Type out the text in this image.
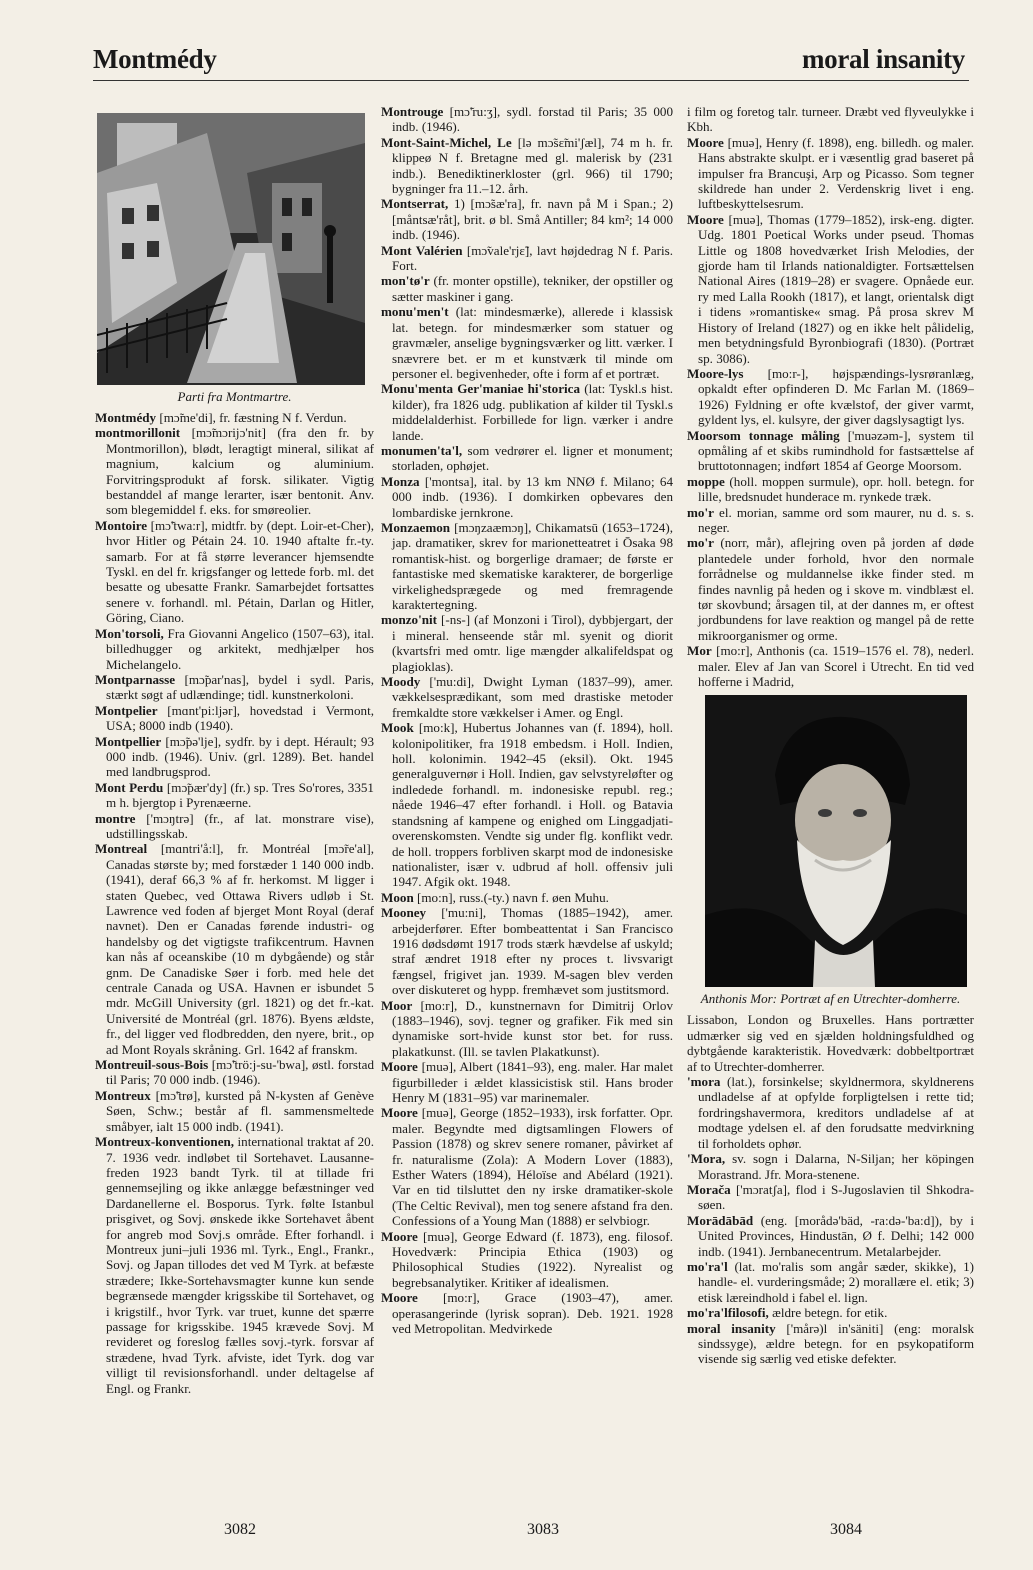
Montmédy	moral insanity
Parti fra Montmartre.
Montmédy [mɔ̃me'di], fr. fæstning N f. Verdun.
montmorillonit [mɔ̃mɔrijɔ'nit] (fra den fr. by Montmorillon), blødt, leragtigt mineral, silikat af magnium, kalcium og aluminium. Forvitringsprodukt af forsk. silikater. Vigtig bestanddel af mange lerarter, især bentonit. Anv. som blegemiddel f. eks. for smøreolier.
Montoire [mɔ̃'twa:r], midtfr. by (dept. Loir-et-Cher), hvor Hitler og Pétain 24. 10. 1940 aftalte fr.-ty. samarb. For at få større leverancer hjemsendte Tyskl. en del fr. krigsfanger og lettede forb. ml. det besatte og ubesatte Frankr. Samarbejdet fortsattes senere v. forhandl. ml. Pétain, Darlan og Hitler, Göring, Ciano.
Mon'torsoli, Fra Giovanni Angelico (1507–63), ital. billedhugger og arkitekt, medhjælper hos Michelangelo.
Montparnasse [mɔ̃par'nas], bydel i sydl. Paris, stærkt søgt af udlændinge; tidl. kunstnerkoloni.
Montpelier [mɑnt'pi:ljər], hovedstad i Vermont, USA; 8000 indb (1940).
Montpellier [mɔ̃pə'lje], sydfr. by i dept. Hérault; 93 000 indb. (1946). Univ. (grl. 1289). Bet. handel med landbrugsprod.
Mont Perdu [mɔ̃pær'dy] (fr.) sp. Tres So'rores, 3351 m h. bjergtop i Pyrenæerne.
montre ['mɔŋtrə] (fr., af lat. monstrare vise), udstillingsskab.
Montreal [mɑntri'å:l], fr. Montréal [mɔ̃re'al], Canadas største by; med forstæder 1 140 000 indb. (1941), deraf 66,3 % af fr. herkomst. M ligger i staten Quebec, ved Ottawa Rivers udløb i St. Lawrence ved foden af bjerget Mont Royal (deraf navnet). Den er Canadas førende industri- og handelsby og det vigtigste trafikcentrum. Havnen kan nås af oceanskibe (10 m dybgående) og står gnm. De Canadiske Søer i forb. med hele det centrale Canada og USA. Havnen er isbundet 5 mdr. McGill University (grl. 1821) og det fr.-kat. Université de Montréal (grl. 1876). Byens ældste, fr., del ligger ved flodbredden, den nyere, brit., op ad Mont Royals skråning. Grl. 1642 af franskm.
Montreuil-sous-Bois [mɔ̃'trö:j-su-'bwa], østl. forstad til Paris; 70 000 indb. (1946).
Montreux [mɔ̃'trø], kursted på N-kysten af Genève Søen, Schw.; består af fl. sammensmeltede småbyer, ialt 15 000 indb. (1941).
Montreux-konventionen, international traktat af 20. 7. 1936 vedr. indløbet til Sortehavet. Lausanne-freden 1923 bandt Tyrk. til at tillade fri gennemsejling og ikke anlægge befæstninger ved Dardanellerne el. Bosporus. Tyrk. følte Istanbul prisgivet, og Sovj. ønskede ikke Sortehavet åbent for angreb mod Sovj.s område. Efter forhandl. i Montreux juni–juli 1936 ml. Tyrk., Engl., Frankr., Sovj. og Japan tillodes det ved M Tyrk. at befæste strædere; Ikke-Sortehavsmagter kunne kun sende begrænsede mængder krigsskibe til Sortehavet, og i krigstilf., hvor Tyrk. var truet, kunne det spærre passage for krigsskibe. 1945 krævede Sovj. M revideret og foreslog fælles sovj.-tyrk. forsvar af strædene, hvad Tyrk. afviste, idet Tyrk. dog var villigt til revisionsforhandl. under deltagelse af Engl. og Frankr.
Montrouge [mɔ̃'ru:ʒ], sydl. forstad til Paris; 35 000 indb. (1946).
Mont-Saint-Michel, Le [lə mɔ̃sɛ̃mi'ʃæl], 74 m h. fr. klippeø N f. Bretagne med gl. malerisk by (231 indb.). Benediktinerkloster (grl. 966) til 1790; bygninger fra 11.–12. årh.
Montserrat, 1) [mɔ̃sæ'ra], fr. navn på M i Span.; 2) [måntsæ'råt], brit. ø bl. Små Antiller; 84 km²; 14 000 indb. (1946).
Mont Valérien [mɔ̃vale'rjɛ̃], lavt højdedrag N f. Paris. Fort.
mon'tø'r (fr. monter opstille), tekniker, der opstiller og sætter maskiner i gang.
monu'men't (lat: mindesmærke), allerede i klassisk lat. betegn. for mindesmærker som statuer og gravmæler, anselige bygningsværker og litt. værker. I snævrere bet. er m et kunstværk til minde om personer el. begivenheder, ofte i form af et portræt.
Monu'menta Ger'maniae hi'storica (lat: Tyskl.s hist. kilder), fra 1826 udg. publikation af kilder til Tyskl.s middelalderhist. Forbillede for lign. værker i andre lande.
monumen'ta'l, som vedrører el. ligner et monument; storladen, ophøjet.
Monza ['montsa], ital. by 13 km NNØ f. Milano; 64 000 indb. (1936). I domkirken opbevares den lombardiske jernkrone.
Monzaemon [mɔŋzaæmɔŋ], Chikamatsū (1653–1724), jap. dramatiker, skrev for marionetteatret i Ōsaka 98 romantisk-hist. og borgerlige dramaer; de første er fantastiske med skematiske karakterer, de borgerlige virkelighedsprægede og med fremragende karaktertegning.
monzo'nit [-ns-] (af Monzoni i Tirol), dybbjergart, der i mineral. henseende står ml. syenit og diorit (kvartsfri med omtr. lige mængder alkalifeldspat og plagioklas).
Moody ['mu:di], Dwight Lyman (1837–99), amer. vækkelsesprædikant, som med drastiske metoder fremkaldte store vækkelser i Amer. og Engl.
Mook [mo:k], Hubertus Johannes van (f. 1894), holl. kolonipolitiker, fra 1918 embedsm. i Holl. Indien, holl. kolonimin. 1942–45 (eksil). Okt. 1945 generalguvernør i Holl. Indien, gav selvstyreløfter og indledede forhandl. m. indonesiske republ. reg.; nåede 1946–47 efter forhandl. i Holl. og Batavia standsning af kampene og enighed om Linggadjati-overenskomsten. Vendte sig under flg. konflikt vedr. de holl. troppers forbliven skarpt mod de indonesiske nationalister, især v. udbrud af holl. offensiv juli 1947. Afgik okt. 1948.
Moon [mo:n], russ.(-ty.) navn f. øen Muhu.
Mooney ['mu:ni], Thomas (1885–1942), amer. arbejderfører. Efter bombeattentat i San Francisco 1916 dødsdømt 1917 trods stærk hævdelse af uskyld; straf ændret 1918 efter ny proces t. livsvarigt fængsel, frigivet jan. 1939. M-sagen blev verden over diskuteret og hypp. fremhævet som justitsmord.
Moor [mo:r], D., kunstnernavn for Dimitrij Orlov (1883–1946), sovj. tegner og grafiker. Fik med sin dynamiske sort-hvide kunst stor bet. for russ. plakatkunst. (Ill. se tavlen Plakatkunst).
Moore [muə], Albert (1841–93), eng. maler. Har malet figurbilleder i ældet klassicistisk stil. Hans broder Henry M (1831–95) var marinemaler.
Moore [muə], George (1852–1933), irsk forfatter. Opr. maler. Begyndte med digtsamlingen Flowers of Passion (1878) og skrev senere romaner, påvirket af fr. naturalisme (Zola): A Modern Lover (1883), Esther Waters (1894), Héloïse and Abélard (1921). Var en tid tilsluttet den ny irske dramatiker-skole (The Celtic Revival), men tog senere afstand fra den. Confessions of a Young Man (1888) er selvbiogr.
Moore [muə], George Edward (f. 1873), eng. filosof. Hovedværk: Principia Ethica (1903) og Philosophical Studies (1922). Nyrealist og begrebsanalytiker. Kritiker af idealismen.
Moore [mo:r], Grace (1903–47), amer. operasangerinde (lyrisk sopran). Deb. 1921. 1928 ved Metropolitan. Medvirkede
i film og foretog talr. turneer. Dræbt ved flyveulykke i Kbh.
Moore [muə], Henry (f. 1898), eng. billedh. og maler. Hans abstrakte skulpt. er i væsentlig grad baseret på impulser fra Brancuşi, Arp og Picasso. Som tegner skildrede han under 2. Verdenskrig livet i eng. luftbeskyttelsesrum.
Moore [muə], Thomas (1779–1852), irsk-eng. digter. Udg. 1801 Poetical Works under pseud. Thomas Little og 1808 hovedværket Irish Melodies, der gjorde ham til Irlands nationaldigter. Fortsættelsen National Aires (1819–28) er svagere. Opnåede eur. ry med Lalla Rookh (1817), et langt, orientalsk digt i tidens »romantiske« smag. På prosa skrev M History of Ireland (1827) og en ikke helt pålidelig, men betydningsfuld Byronbiografi (1830). (Portræt sp. 3086).
Moore-lys [mo:r-], højspændings-lysrøranlæg, opkaldt efter opfinderen D. Mc Farlan M. (1869–1926) Fyldning er ofte kvælstof, der giver varmt, gyldent lys, el. kulsyre, der giver dagslysagtigt lys.
Moorsom tonnage måling ['muəzəm-], system til opmåling af et skibs rumindhold for fastsættelse af bruttotonnagen; indført 1854 af George Moorsom.
moppe (holl. moppen surmule), opr. holl. betegn. for lille, bredsnudet hunderace m. rynkede træk.
mo'r el. morian, samme ord som maurer, nu d. s. s. neger.
mo'r (norr, mår), aflejring oven på jorden af døde plantedele under forhold, hvor den normale forrådnelse og muldannelse ikke finder sted. m findes navnlig på heden og i skove m. vindblæst el. tør skovbund; årsagen til, at der dannes m, er oftest jordbundens for lave reaktion og mangel på de rette mikroorganismer og orme.
Mor [mo:r], Anthonis (ca. 1519–1576 el. 78), nederl. maler. Elev af Jan van Scorel i Utrecht. En tid ved hofferne i Madrid,
Anthonis Mor: Portræt af en Utrechter-domherre.
Lissabon, London og Bruxelles. Hans portrætter udmærker sig ved en sjælden holdningsfuldhed og dybtgående karakteristik. Hovedværk: dobbeltportræt af to Utrechter-domherrer.
'mora (lat.), forsinkelse; skyldnermora, skyldnerens undladelse af at opfylde forpligtelsen i rette tid; fordringshavermora, kreditors undladelse af at modtage ydelsen el. af den forudsatte medvirkning til forholdets ophør.
'Mora, sv. sogn i Dalarna, N-Siljan; her köpingen Morastrand. Jfr. Mora-stenene.
Morača ['mɔratʃa], flod i S-Jugoslavien til Shkodra-søen.
Morādābād (eng. [morådə'bäd, -ra:də-'ba:d]), by i United Provinces, Hindustān, Ø f. Delhi; 142 000 indb. (1941). Jernbanecentrum. Metalarbejder.
mo'ra'l (lat. mo'ralis som angår sæder, skikke), 1) handle- el. vurderingsmåde; 2) morallære el. etik; 3) etisk læreindhold i fabel el. lign.
mo'ra'lfilosofi, ældre betegn. for etik.
moral insanity ['mårə)l in'säniti] (eng: moralsk sindssyge), ældre betegn. for en psykopatiform visende sig særlig ved etiske defekter.
3082	3083	3084
